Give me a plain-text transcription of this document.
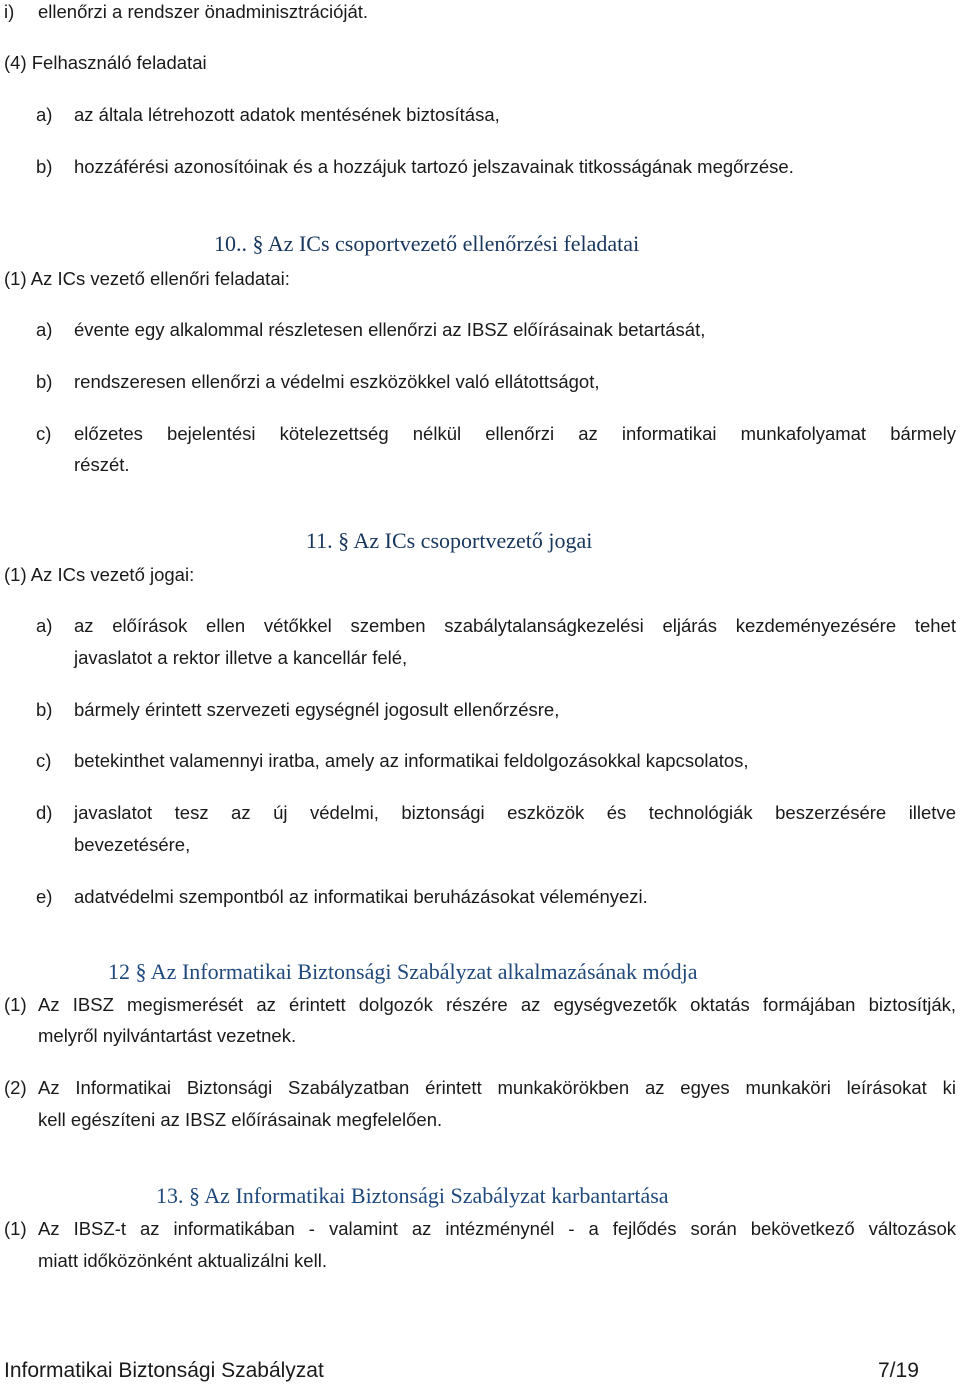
i) ellenőrzi a rendszer önadminisztrációját.
(4) Felhasználó feladatai
a) az általa létrehozott adatok mentésének biztosítása,
b) hozzáférési azonosítóinak és a hozzájuk tartozó jelszavainak titkosságának megőrzése.
10.. § Az ICs csoportvezető ellenőrzési feladatai
(1) Az ICs vezető ellenőri feladatai:
a) évente egy alkalommal részletesen ellenőrzi az IBSZ előírásainak betartását,
b) rendszeresen ellenőrzi a védelmi eszközökkel való ellátottságot,
c) előzetes bejelentési kötelezettség nélkül ellenőrzi az informatikai munkafolyamat bármely
részét.
11. § Az ICs csoportvezető jogai
(1) Az ICs vezető jogai:
a) az előírások ellen vétőkkel szemben szabálytalanságkezelési eljárás kezdeményezésére tehet
javaslatot a rektor illetve a kancellár felé,
b) bármely érintett szervezeti egységnél jogosult ellenőrzésre,
c) betekinthet valamennyi iratba, amely az informatikai feldolgozásokkal kapcsolatos,
d) javaslatot tesz az új védelmi, biztonsági eszközök és technológiák beszerzésére illetve
bevezetésére,
e) adatvédelmi szempontból az informatikai beruházásokat véleményezi.
12 § Az Informatikai Biztonsági Szabályzat alkalmazásának módja
(1) Az IBSZ megismerését az érintett dolgozók részére az egységvezetők oktatás formájában biztosítják,
melyről nyilvántartást vezetnek.
(2) Az Informatikai Biztonsági Szabályzatban érintett munkakörökben az egyes munkaköri leírásokat ki
kell egészíteni az IBSZ előírásainak megfelelően.
13. § Az Informatikai Biztonsági Szabályzat karbantartása
(1) Az IBSZ-t az informatikában - valamint az intézménynél - a fejlődés során bekövetkező változások
miatt időközönként aktualizálni kell.
Informatikai Biztonsági Szabályzat	7/19
